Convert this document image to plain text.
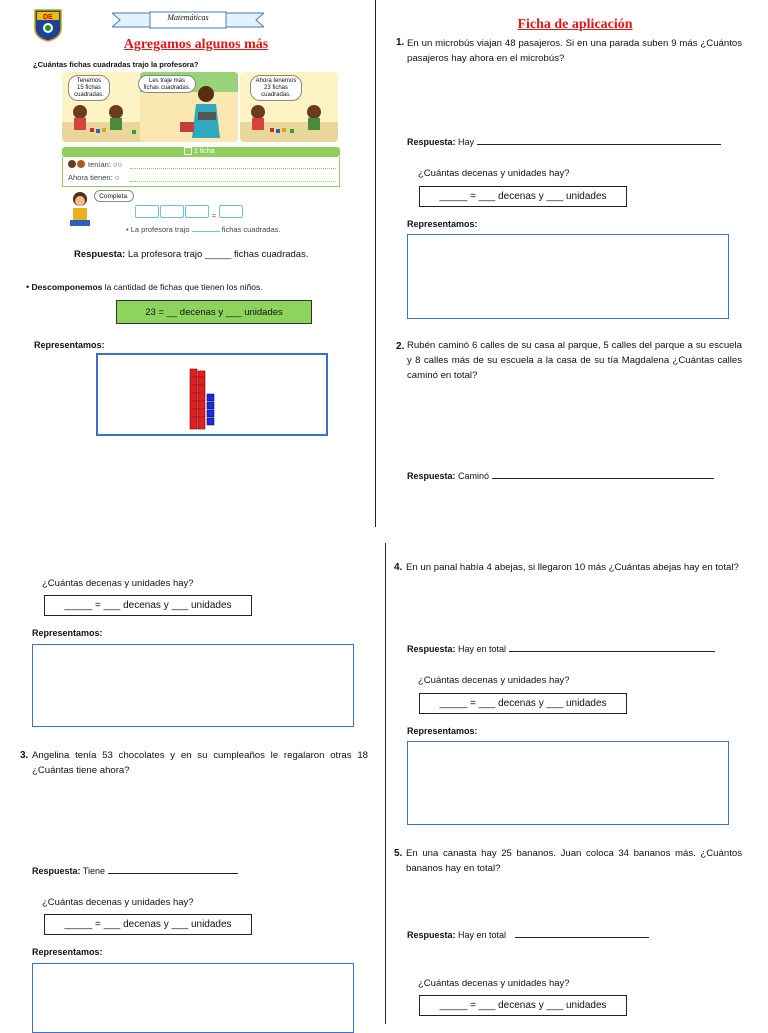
DE	Matemáticas
Agregamos algunos más
¿Cuántas fichas cuadradas trajo la profesora?
Tenemos 15 fichas cuadradas.
Les traje más fichas cuadradas.
Ahora tenemos 23 fichas cuadradas.
1 ficha
tenían: ○○
Ahora tienen: ○
Completa.
=
• La profesora trajo	fichas cuadradas.
Respuesta: La profesora trajo _____ fichas cuadradas.
• Descomponemos la cantidad de fichas que tienen los niños.
23 = __ decenas y ___ unidades
Representamos:
Ficha de aplicación
1. En un microbús viajan 48 pasajeros. Si en una parada suben 9 más ¿Cuántos pasajeros hay ahora en el microbús?
Respuesta: Hay
¿Cuántas decenas y unidades hay?
_____ = ___ decenas y ___ unidades
Representamos:
2. Rubén caminó 6 calles de su casa al parque, 5 calles del parque a su escuela y 8 calles más de su escuela a la casa de su tía Magdalena ¿Cuántas calles caminó en total?
Respuesta: Caminó
¿Cuántas decenas y unidades hay?
_____ = ___ decenas y ___ unidades
Representamos:
3. Angelina tenía 53 chocolates y en su cumpleaños le regalaron otras 18 ¿Cuántas tiene ahora?
Respuesta: Tiene
¿Cuántas decenas y unidades hay?
_____ = ___ decenas y ___ unidades
Representamos:
4. En un panal había 4 abejas, si llegaron 10 más ¿Cuántas abejas hay en total?
Respuesta: Hay en total
¿Cuántas decenas y unidades hay?
_____ = ___ decenas y ___ unidades
Representamos:
5. En una canasta hay 25 bananos. Juan coloca 34 bananos más. ¿Cuántos bananos hay en total?
Respuesta: Hay en total
¿Cuántas decenas y unidades hay?
_____ = ___ decenas y ___ unidades
